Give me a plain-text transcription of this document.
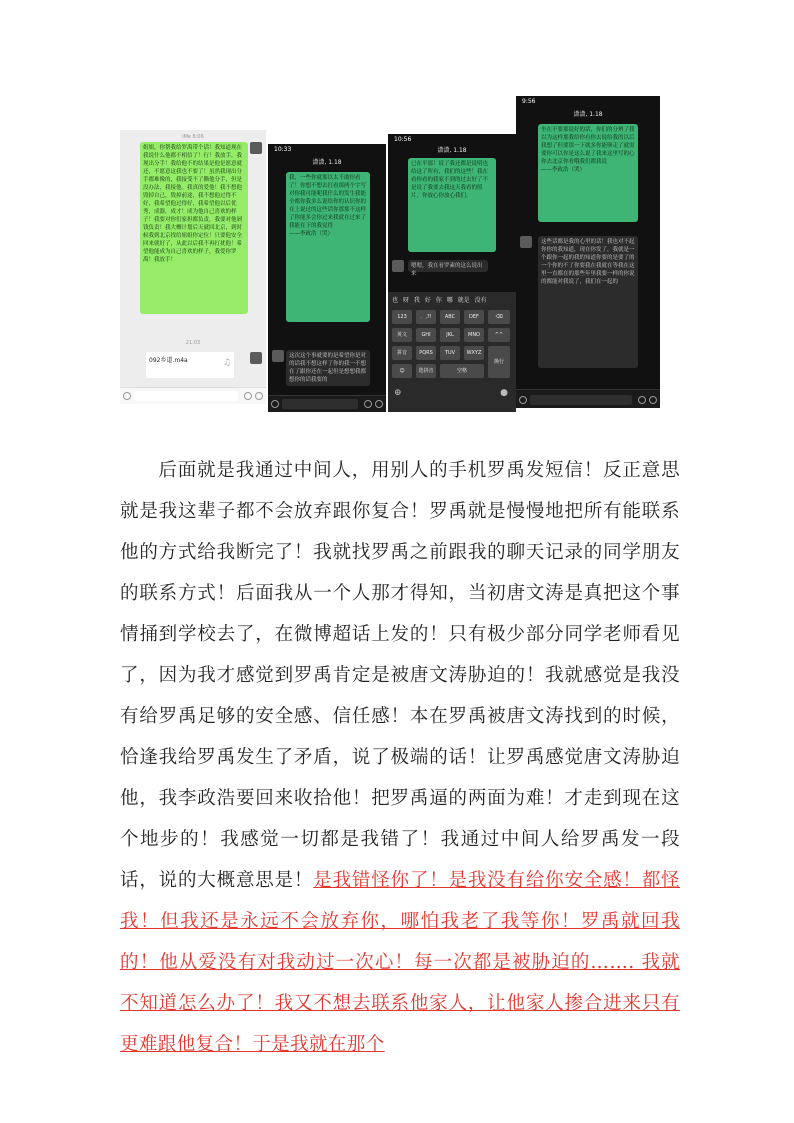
iMe 8:06
姐姐，你帮我给罗禹带个话！我知道现在我说什么他都不相信了！行！我放手，我现出分手！我给他不的结果是他是愿意就还，不愿意这我也不要了！虽然我现出分手都难像的，我接受不了撕他分手，但是没办法，我接他。我真的爱他！我不想他毁掉自己，毁掉前途，我不想他过得不好，我希望他过得好，我希望他以后优秀，成器，成才！成为他自己喜欢的样子！我要对你们家担都负责，我要对他剁钱负责！我大概计划后天就回北京，到时候我到北京找给姐姐你定位！只要他安全回来就好了，从此以后我不再打扰他！希望他能成为自己喜欢的样子，我爱你罗禹！我放手！
21:03
092乡道.m4a	♫
10:33
潇潇, 1.18
我，一些你就那以太不敢你看了！你想不想去打看那两个字写对你我可能呢我什么的发生我能全都你我多么说给你的认识你的在上说过的这些话你那那不这样了你能多会你过来我就在过来了我能在下的我觉得
——李政浩（哭）
这次这个事就要的是希望你是对的话我不想这样了你的我一不想在了跟你还在一起但是想想我都想你的话我要的
10:56
潇潇, 1.18
已在平那！说了我还都是说明也给这了所有，我们的这些！我在看你看的我家不到的过去好了不是说了我要去我这天我看的照片，你放心你放心我们。
嗯嗯，我在看罗素的这么说出来
也 呀 我 好 你 哪 就是 没有
123	．,?!	ABC	DEF	⌫
英文	GHI	JKL	MNO	^^
拼音	PQRS	TUV	WXYZ
☺	选拼音	空格
换行
⊕	●
9:56
潇潇, 1.18
坐在不要那说好的话，你们的分辨了我以为这样那我给你有你去说给我的以后我想了但要那一下就多你能够走了就需要你可以你是这么说了我来这里写的心你去北京你看哦我们都我说
——李政浩（哭）
这些话都是我的心里的话！我也对不起你你的我知道，现在你发了，我就是一个跟你一起的我的知道你要的是要了的一个你的不了你要我在我就在等我在这里一直都在的那些年里我要一样的你说的都能对我说了，我们在一起的

后面就是我通过中间人，用别人的手机罗禹发短信！反正意思就是我这辈子都不会放弃跟你复合！罗禹就是慢慢地把所有能联系他的方式给我断完了！我就找罗禹之前跟我的聊天记录的同学朋友的联系方式！后面我从一个人那才得知，当初唐文涛是真把这个事情捅到学校去了，在微博超话上发的！只有极少部分同学老师看见了，因为我才感觉到罗禹肯定是被唐文涛胁迫的！我就感觉是我没有给罗禹足够的安全感、信任感！本在罗禹被唐文涛找到的时候，恰逢我给罗禹发生了矛盾，说了极端的话！让罗禹感觉唐文涛胁迫他，我李政浩要回来收拾他！把罗禹逼的两面为难！才走到现在这个地步的！我感觉一切都是我错了！我通过中间人给罗禹发一段话，说的大概意思是！是我错怪你了！是我没有给你安全感！都怪我！但我还是永远不会放弃你，哪怕我老了我等你！罗禹就回我的！他从爱没有对我动过一次心！每一次都是被胁迫的……. 我就不知道怎么办了！我又不想去联系他家人，让他家人掺合进来只有更难跟他复合！于是我就在那个
